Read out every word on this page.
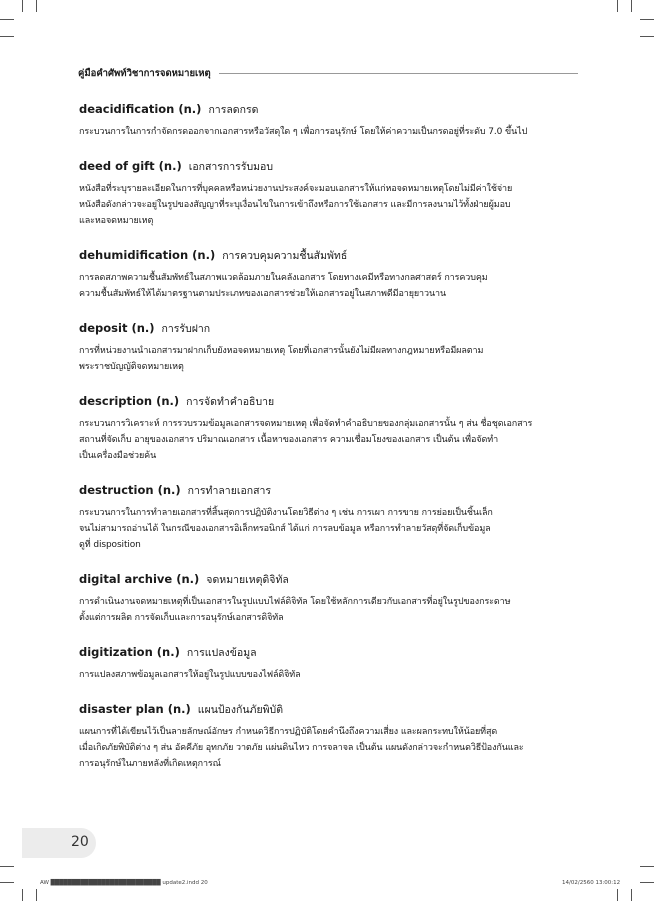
คู่มือคำศัพท์วิชาการจดหมายเหตุ
deacidification (n.) การลดกรด
กระบวนการในการกำจัดกรดออกจากเอกสารหรือวัสดุใด ๆ เพื่อการอนุรักษ์ โดยให้ค่าความเป็นกรดอยู่ที่ระดับ 7.0 ขึ้นไป
deed of gift (n.) เอกสารการรับมอบ
หนังสือที่ระบุรายละเอียดในการที่บุคคลหรือหน่วยงานประสงค์จะมอบเอกสารให้แก่หอจดหมายเหตุโดยไม่มีค่าใช้จ่าย
หนังสือดังกล่าวจะอยู่ในรูปของสัญญาที่ระบุเงื่อนไขในการเข้าถึงหรือการใช้เอกสาร และมีการลงนามไว้ทั้งฝ่ายผู้มอบ
และหอจดหมายเหตุ
dehumidification (n.) การควบคุมความชื้นสัมพัทธ์
การลดสภาพความชื้นสัมพัทธ์ในสภาพแวดล้อมภายในคลังเอกสาร โดยทางเคมีหรือทางกลศาสตร์ การควบคุม
ความชื้นสัมพัทธ์ให้ได้มาตรฐานตามประเภทของเอกสารช่วยให้เอกสารอยู่ในสภาพดีมีอายุยาวนาน
deposit (n.) การรับฝาก
การที่หน่วยงานนำเอกสารมาฝากเก็บยังหอจดหมายเหตุ โดยที่เอกสารนั้นยังไม่มีผลทางกฎหมายหรือมีผลตาม
พระราชบัญญัติจดหมายเหตุ
description (n.) การจัดทำคำอธิบาย
กระบวนการวิเคราะห์ การรวบรวมข้อมูลเอกสารจดหมายเหตุ เพื่อจัดทำคำอธิบายของกลุ่มเอกสารนั้น ๆ ส่น ชื่อชุดเอกสาร
สถานที่จัดเก็บ อายุของเอกสาร ปริมาณเอกสาร เนื้อหาของเอกสาร ความเชื่อมโยงของเอกสาร เป็นต้น เพื่อจัดทำ
เป็นเครื่องมือช่วยค้น
destruction (n.) การทำลายเอกสาร
กระบวนการในการทำลายเอกสารที่สิ้นสุดการปฏิบัติงานโดยวิธีต่าง ๆ เช่น การเผา การขาย การย่อยเป็นชิ้นเล็ก
จนไม่สามารถอ่านได้ ในกรณีของเอกสารอิเล็กทรอนิกส์ ได้แก่ การลบข้อมูล หรือการทำลายวัสดุที่จัดเก็บข้อมูล
ดูที่ disposition
digital archive (n.) จดหมายเหตุดิจิทัล
การดำเนินงานจดหมายเหตุที่เป็นเอกสารในรูปแบบไฟล์ดิจิทัล โดยใช้หลักการเดียวกับเอกสารที่อยู่ในรูปของกระดาษ
ตั้งแต่การผลิต การจัดเก็บและการอนุรักษ์เอกสารดิจิทัล
digitization (n.) การแปลงข้อมูล
การแปลงสภาพข้อมูลเอกสารให้อยู่ในรูปแบบของไฟล์ดิจิทัล
disaster plan (n.) แผนป้องกันภัยพิบัติ
แผนการที่ได้เขียนไว้เป็นลายลักษณ์อักษร กำหนดวิธีการปฏิบัติโดยคำนึงถึงความเสี่ยง และผลกระทบให้น้อยที่สุด
เมื่อเกิดภัยพิบัติต่าง ๆ ส่น อัคคีภัย อุทกภัย วาตภัย แผ่นดินไหว การจลาจล เป็นต้น แผนดังกล่าวจะกำหนดวิธีป้องกันและ
การอนุรักษ์ในภายหลังที่เกิดเหตุการณ์
20
AW ██████████████████████████ update2.indd 20	14/02/2560 13:00:12
